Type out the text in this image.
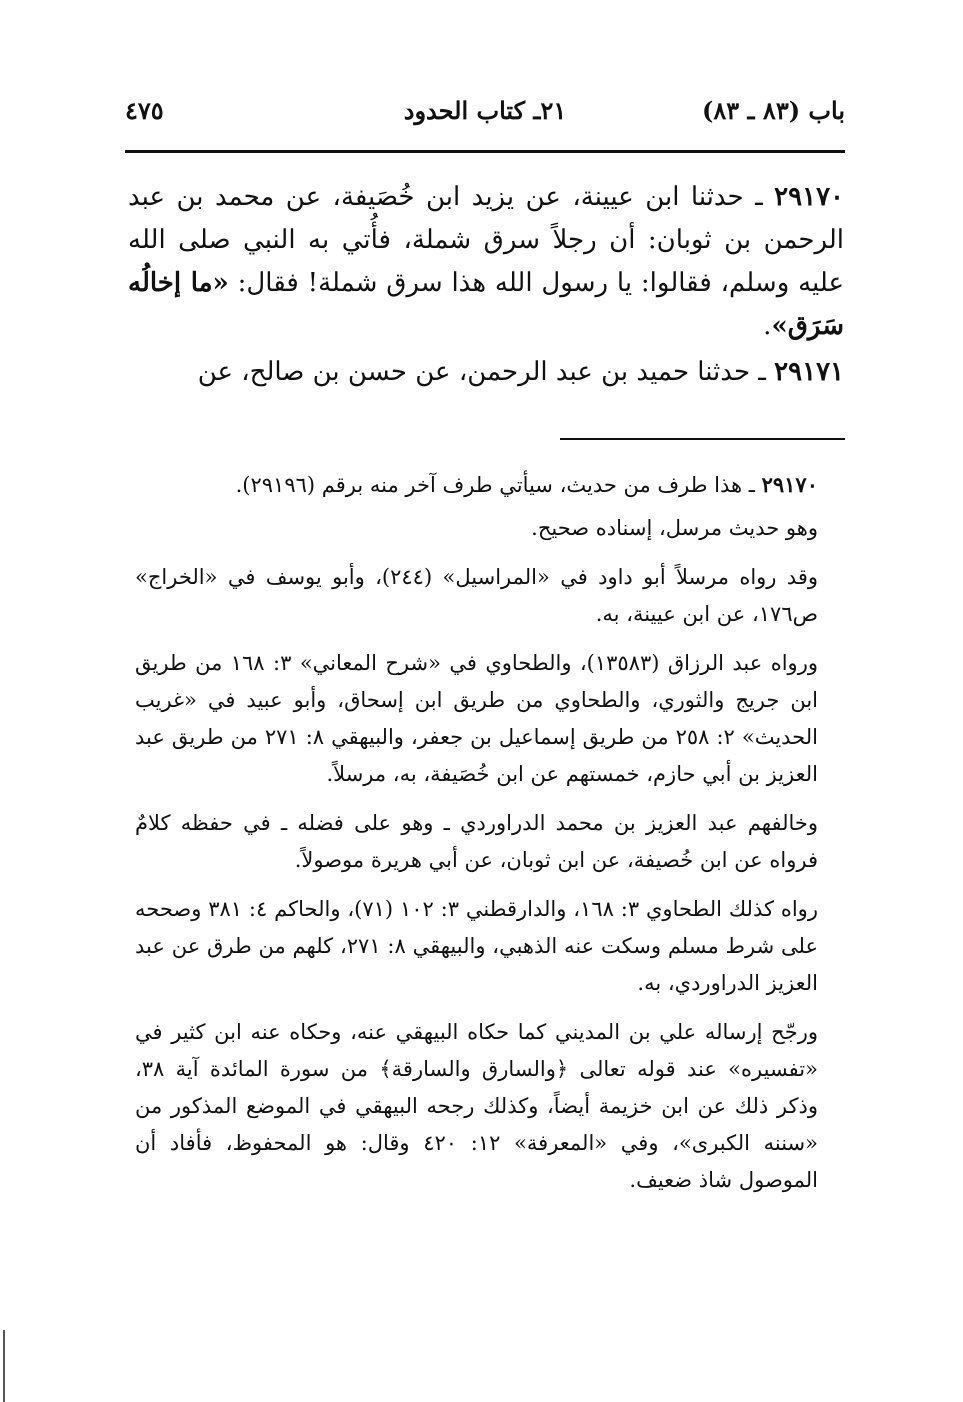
باب (٨٣ ـ ٨٣)
٢١ـ كتاب الحدود
٤٧٥

٢٩١٧٠ ـ حدثنا ابن عيينة، عن يزيد ابن خُصَيفة، عن محمد بن عبد الرحمن بن ثوبان: أن رجلاً سرق شملة، فأُتي به النبي صلى الله عليه وسلم، فقالوا: يا رسول الله هذا سرق شملة! فقال: «ما إخالُه سَرَق».

٢٩١٧١ ـ حدثنا حميد بن عبد الرحمن، عن حسن بن صالح، عن

٢٩١٧٠ ـ هذا طرف من حديث، سيأتي طرف آخر منه برقم (٢٩١٩٦).

وهو حديث مرسل، إسناده صحيح.

وقد رواه مرسلاً أبو داود في «المراسيل» (٢٤٤)، وأبو يوسف في «الخراج» ص١٧٦، عن ابن عيينة، به.

ورواه عبد الرزاق (١٣٥٨٣)، والطحاوي في «شرح المعاني» ٣: ١٦٨ من طريق ابن جريج والثوري، والطحاوي من طريق ابن إسحاق، وأبو عبيد في «غريب الحديث» ٢: ٢٥٨ من طريق إسماعيل بن جعفر، والبيهقي ٨: ٢٧١ من طريق عبد العزيز بن أبي حازم، خمستهم عن ابن خُصَيفة، به، مرسلاً.

وخالفهم عبد العزيز بن محمد الدراوردي ـ وهو على فضله ـ في حفظه كلامٌ فرواه عن ابن خُصيفة، عن ابن ثوبان، عن أبي هريرة موصولاً.

رواه كذلك الطحاوي ٣: ١٦٨، والدارقطني ٣: ١٠٢ (٧١)، والحاكم ٤: ٣٨١ وصححه على شرط مسلم وسكت عنه الذهبي، والبيهقي ٨: ٢٧١، كلهم من طرق عن عبد العزيز الدراوردي، به.

ورجّح إرساله علي بن المديني كما حكاه البيهقي عنه، وحكاه عنه ابن كثير في «تفسيره» عند قوله تعالى ﴿والسارق والسارقة﴾ من سورة المائدة آية ٣٨، وذكر ذلك عن ابن خزيمة أيضاً، وكذلك رجحه البيهقي في الموضع المذكور من «سننه الكبرى»، وفي «المعرفة» ١٢: ٤٢٠ وقال: هو المحفوظ، فأفاد أن الموصول شاذ ضعيف.
